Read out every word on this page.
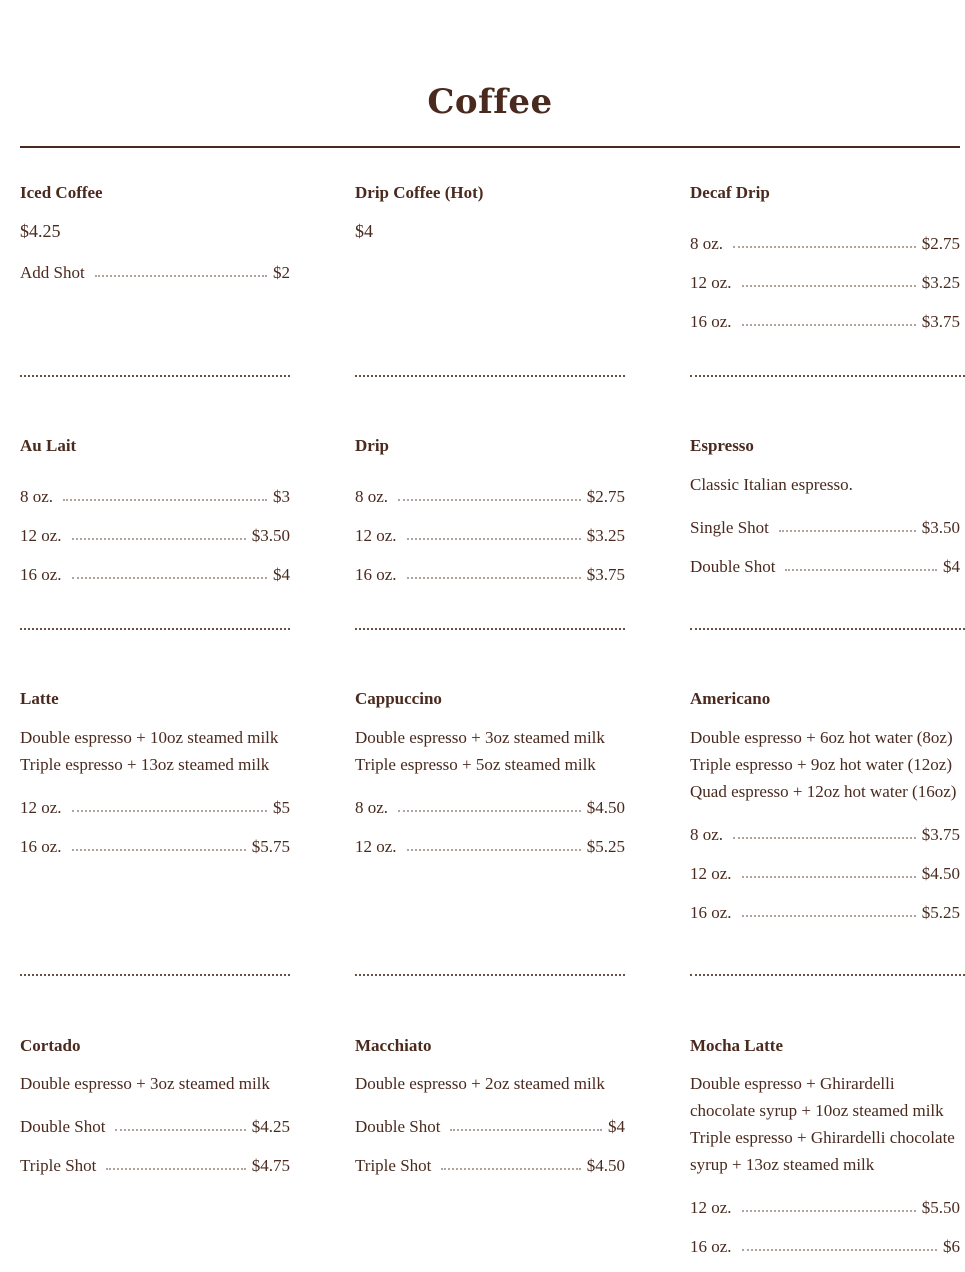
Coffee
Iced Coffee
$4.25
Add Shot	$2
Drip Coffee (Hot)
$4
Decaf Drip
8 oz.	$2.75
12 oz.	$3.25
16 oz.	$3.75
Au Lait
8 oz.	$3
12 oz.	$3.50
16 oz.	$4
Drip
8 oz.	$2.75
12 oz.	$3.25
16 oz.	$3.75
Espresso
Classic Italian espresso.
Single Shot	$3.50
Double Shot	$4
Latte
Double espresso + 10oz steamed milk
Triple espresso + 13oz steamed milk
12 oz.	$5
16 oz.	$5.75
Cappuccino
Double espresso + 3oz steamed milk
Triple espresso + 5oz steamed milk
8 oz.	$4.50
12 oz.	$5.25
Americano
Double espresso + 6oz hot water (8oz)
Triple espresso + 9oz hot water (12oz)
Quad espresso + 12oz hot water (16oz)
8 oz.	$3.75
12 oz.	$4.50
16 oz.	$5.25
Cortado
Double espresso + 3oz steamed milk
Double Shot	$4.25
Triple Shot	$4.75
Macchiato
Double espresso + 2oz steamed milk
Double Shot	$4
Triple Shot	$4.50
Mocha Latte
Double espresso + Ghirardelli
chocolate syrup + 10oz steamed milk
Triple espresso + Ghirardelli chocolate
syrup + 13oz steamed milk
12 oz.	$5.50
16 oz.	$6
